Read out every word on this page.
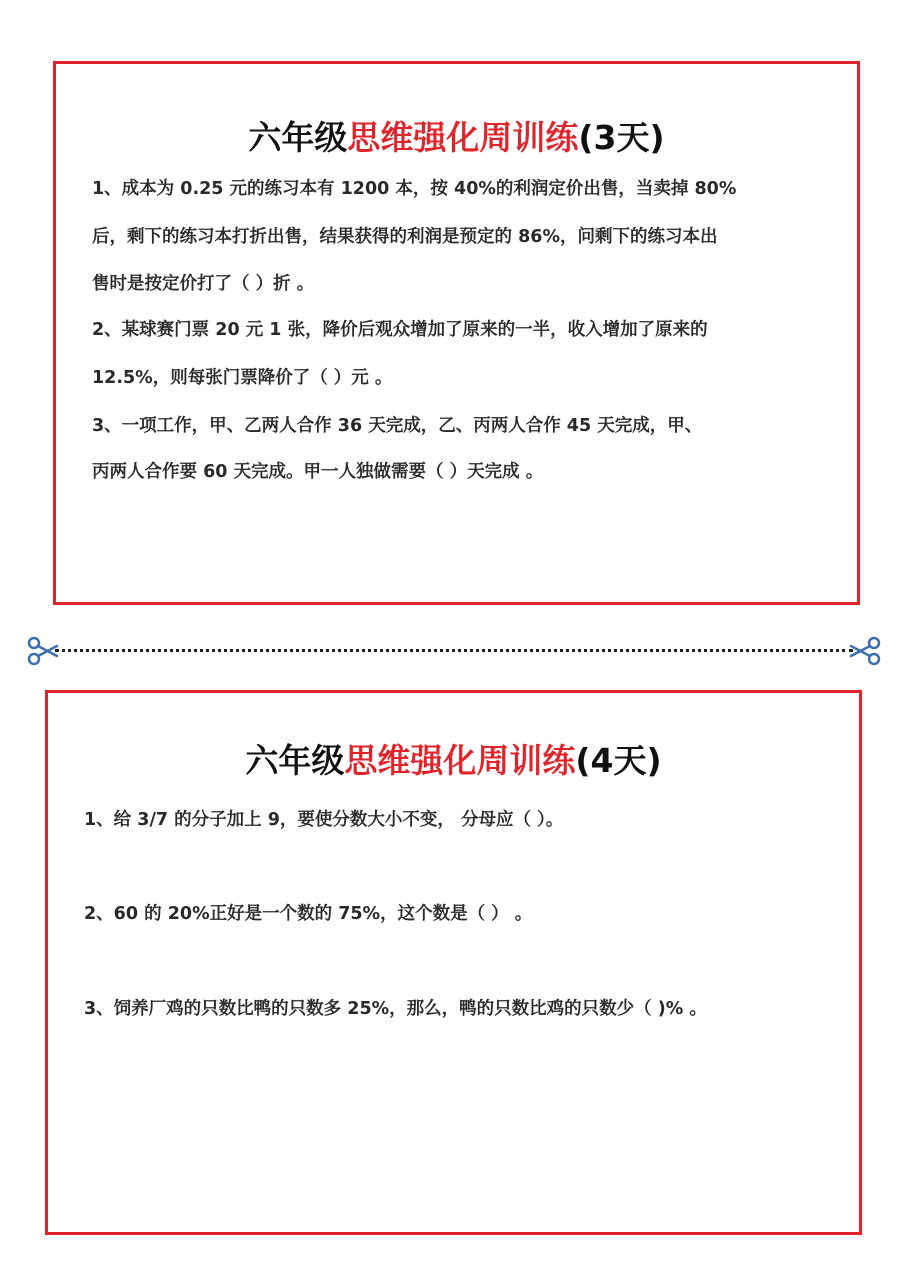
六年级思维强化周训练(3天)
1、成本为 0.25 元的练习本有 1200 本，按 40%的利润定价出售，当卖掉 80%
后，剩下的练习本打折出售，结果获得的利润是预定的 86%，问剩下的练习本出
售时是按定价打了（ ）折 。
2、某球赛门票 20 元 1 张，降价后观众增加了原来的一半，收入增加了原来的
12.5%，则每张门票降价了（ ）元 。
3、一项工作，甲、乙两人合作 36 天完成，乙、丙两人合作 45 天完成，甲、
丙两人合作要 60 天完成。甲一人独做需要（ ）天完成 。
六年级思维强化周训练(4天)
1、给 3/7 的分子加上 9，要使分数大小不变， 分母应（ ）。
2、60 的 20%正好是一个数的 75%，这个数是（ ） 。
3、饲养厂鸡的只数比鸭的只数多 25%，那么，鸭的只数比鸡的只数少（ )% 。
